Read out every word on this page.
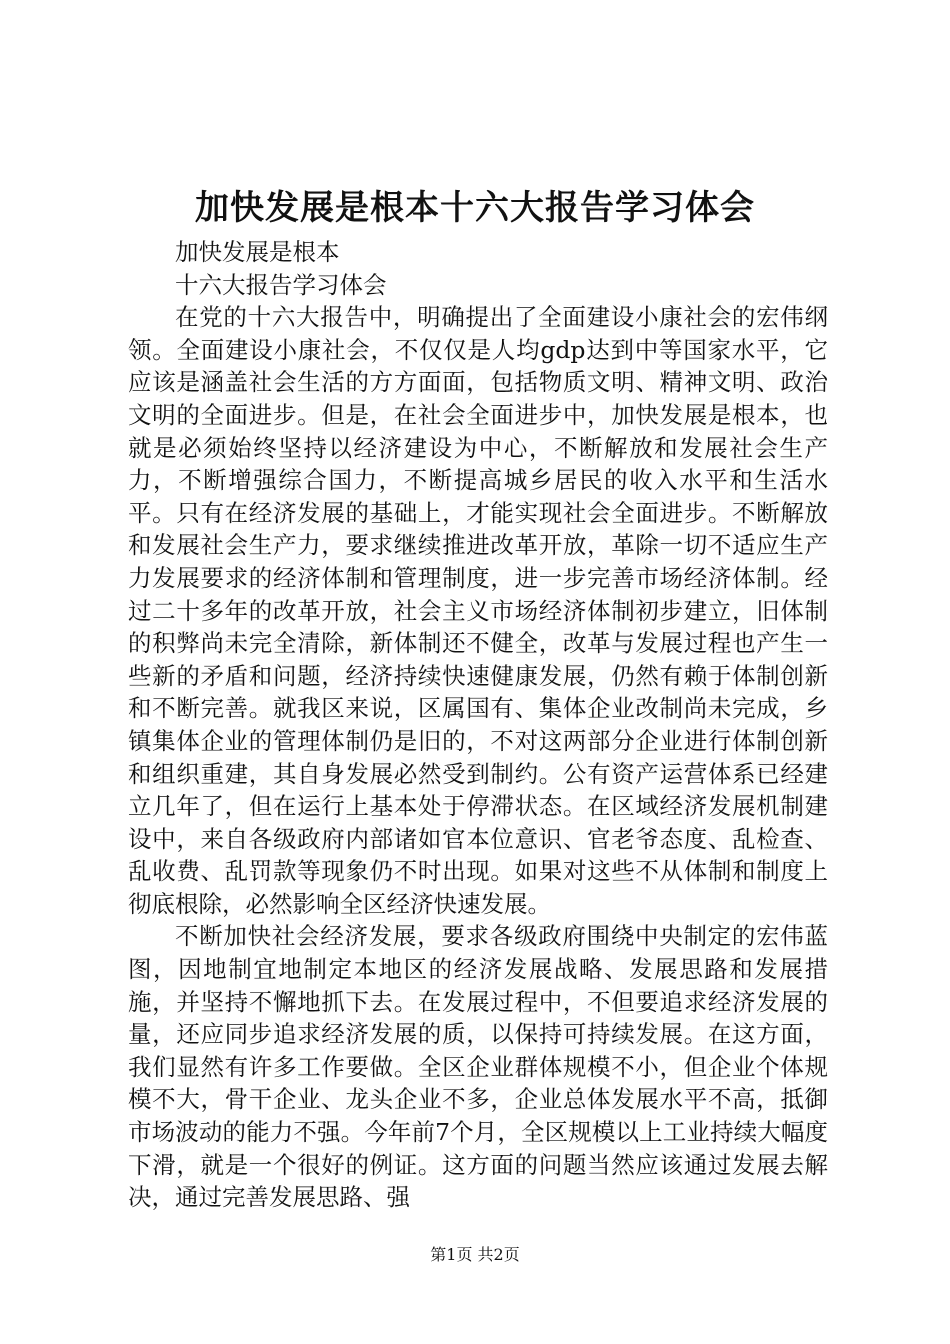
加快发展是根本十六大报告学习体会

加快发展是根本

十六大报告学习体会

在党的十六大报告中，明确提出了全面建设小康社会的宏伟纲领。全面建设小康社会，不仅仅是人均gdp达到中等国家水平，它应该是涵盖社会生活的方方面面，包括物质文明、精神文明、政治文明的全面进步。但是，在社会全面进步中，加快发展是根本，也就是必须始终坚持以经济建设为中心，不断解放和发展社会生产力，不断增强综合国力，不断提高城乡居民的收入水平和生活水平。只有在经济发展的基础上，才能实现社会全面进步。不断解放和发展社会生产力，要求继续推进改革开放，革除一切不适应生产力发展要求的经济体制和管理制度，进一步完善市场经济体制。经过二十多年的改革开放，社会主义市场经济体制初步建立，旧体制的积弊尚未完全清除，新体制还不健全，改革与发展过程也产生一些新的矛盾和问题，经济持续快速健康发展，仍然有赖于体制创新和不断完善。就我区来说，区属国有、集体企业改制尚未完成，乡镇集体企业的管理体制仍是旧的，不对这两部分企业进行体制创新和组织重建，其自身发展必然受到制约。公有资产运营体系已经建立几年了，但在运行上基本处于停滞状态。在区域经济发展机制建设中，来自各级政府内部诸如官本位意识、官老爷态度、乱检查、乱收费、乱罚款等现象仍不时出现。如果对这些不从体制和制度上彻底根除，必然影响全区经济快速发展。

不断加快社会经济发展，要求各级政府围绕中央制定的宏伟蓝图，因地制宜地制定本地区的经济发展战略、发展思路和发展措施，并坚持不懈地抓下去。在发展过程中，不但要追求经济发展的量，还应同步追求经济发展的质，以保持可持续发展。在这方面，我们显然有许多工作要做。全区企业群体规模不小，但企业个体规模不大，骨干企业、龙头企业不多，企业总体发展水平不高，抵御市场波动的能力不强。今年前7个月，全区规模以上工业持续大幅度下滑，就是一个很好的例证。这方面的问题当然应该通过发展去解决，通过完善发展思路、强

第1页 共2页
